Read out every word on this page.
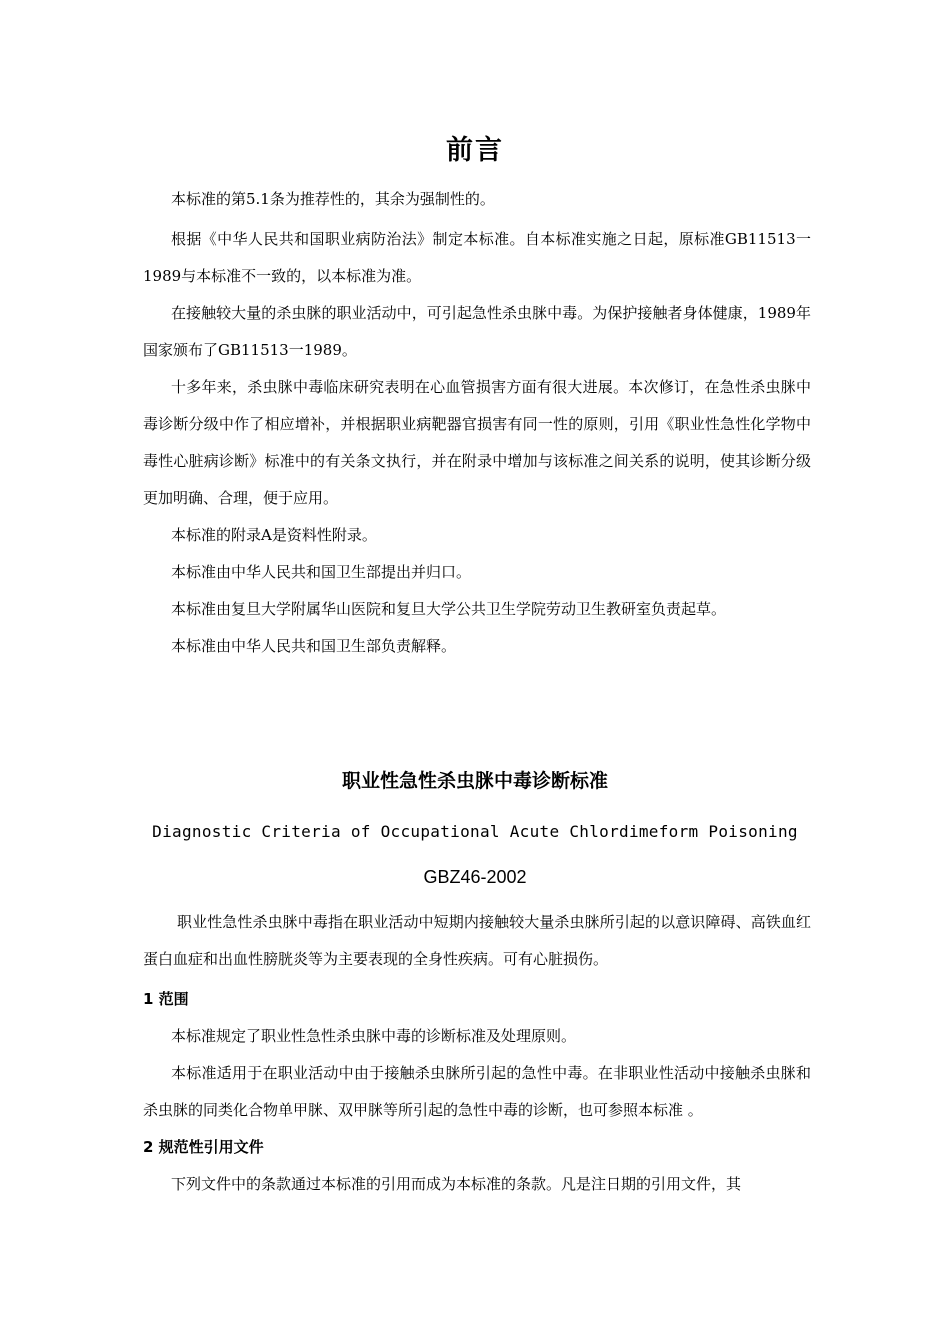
前言

本标准的第5.1条为推荐性的，其余为强制性的。

根据《中华人民共和国职业病防治法》制定本标准。自本标准实施之日起，原标准GB11513一1989与本标准不一致的，以本标准为准。

在接触较大量的杀虫脒的职业活动中，可引起急性杀虫脒中毒。为保护接触者身体健康，1989年国家颁布了GB11513一1989。

十多年来，杀虫脒中毒临床研究表明在心血管损害方面有很大进展。本次修订，在急性杀虫脒中毒诊断分级中作了相应增补，并根据职业病靶器官损害有同一性的原则，引用《职业性急性化学物中毒性心脏病诊断》标准中的有关条文执行，并在附录中增加与该标准之间关系的说明，使其诊断分级更加明确、合理，便于应用。

本标准的附录A是资料性附录。

本标准由中华人民共和国卫生部提出并归口。

本标准由复旦大学附属华山医院和复旦大学公共卫生学院劳动卫生教研室负责起草。

本标准由中华人民共和国卫生部负责解释。

职业性急性杀虫脒中毒诊断标准
Diagnostic Criteria of Occupational Acute Chlordimeform Poisoning
GBZ46-2002

职业性急性杀虫脒中毒指在职业活动中短期内接触较大量杀虫脒所引起的以意识障碍、高铁血红蛋白血症和出血性膀胱炎等为主要表现的全身性疾病。可有心脏损伤。

1 范围

本标准规定了职业性急性杀虫脒中毒的诊断标准及处理原则。

本标准适用于在职业活动中由于接触杀虫脒所引起的急性中毒。在非职业性活动中接触杀虫脒和杀虫脒的同类化合物单甲脒、双甲脒等所引起的急性中毒的诊断，也可参照本标准 。

2 规范性引用文件

下列文件中的条款通过本标准的引用而成为本标准的条款。凡是注日期的引用文件，其
